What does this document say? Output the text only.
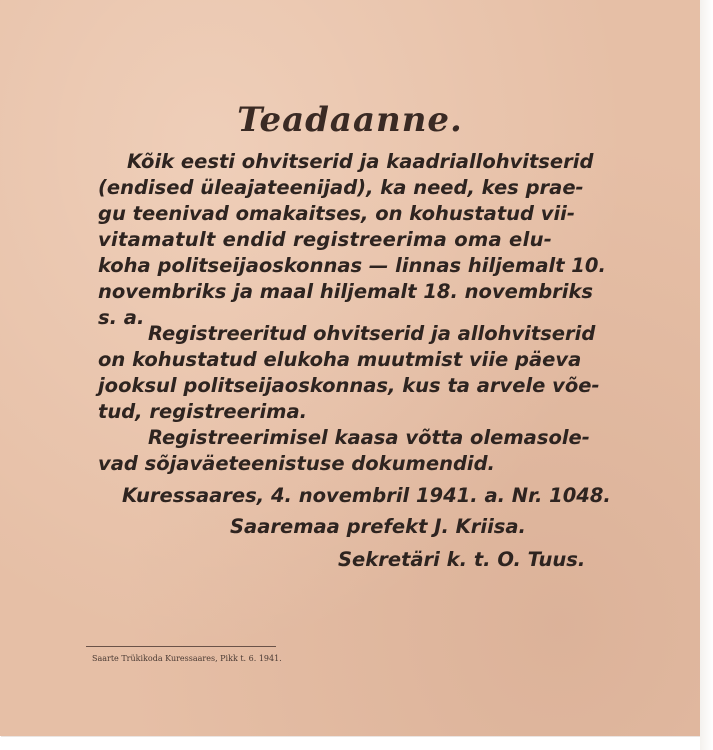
Teadaanne.
Kõik eesti ohvitserid ja kaadriallohvitserid
(endised üleajateenijad), ka need, kes prae-
gu teenivad omakaitses, on kohustatud vii-
vitamatult endid registreerima oma elu-
koha politseijaoskonnas — linnas hiljemalt 10.
novembriks ja maal hiljemalt 18. novembriks
s. a.
Registreeritud ohvitserid ja allohvitserid
on kohustatud elukoha muutmist viie päeva
jooksul politseijaoskonnas, kus ta arvele võe-
tud, registreerima.
Registreerimisel kaasa võtta olemasole-
vad sõjaväeteenistuse dokumendid.
Kuressaares, 4. novembril 1941. a. Nr. 1048.
Saaremaa prefekt J. Kriisa.
Sekretäri k. t. O. Tuus.
Saarte Trükikoda Kuressaares, Pikk t. 6. 1941.
